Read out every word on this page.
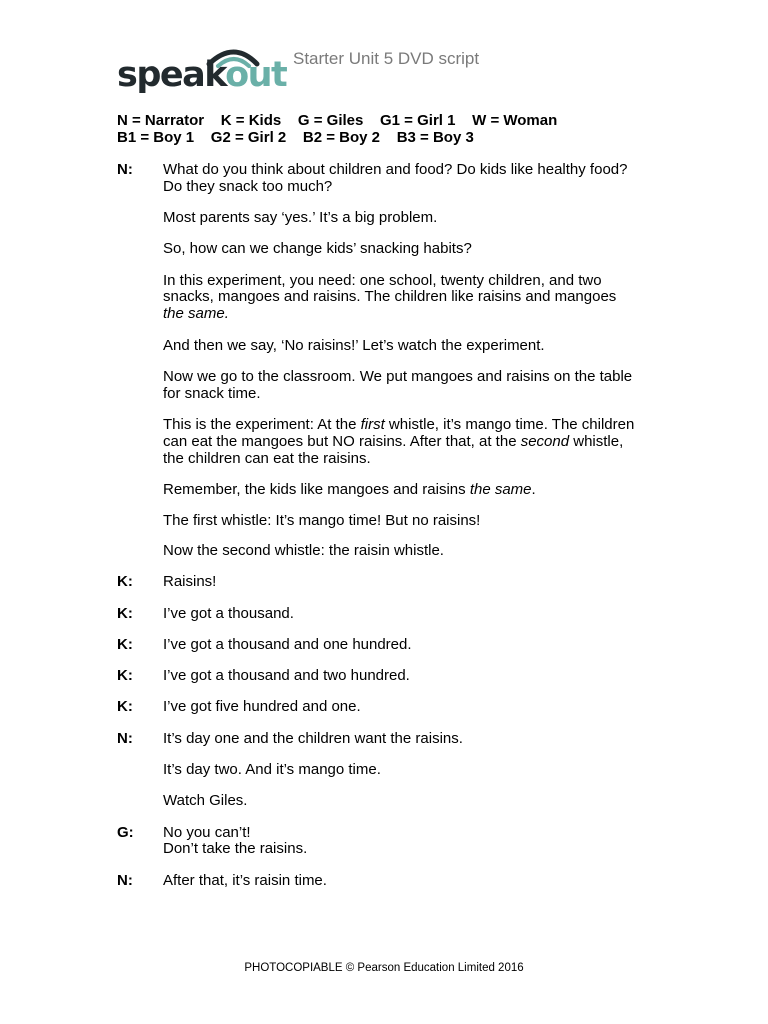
speakout Starter Unit 5 DVD script
N = Narrator    K = Kids    G = Giles    G1 = Girl 1    W = Woman
B1 = Boy 1    G2 = Girl 2    B2 = Boy 2    B3 = Boy 3
N: What do you think about children and food? Do kids like healthy food?
Do they snack too much?
Most parents say ‘yes.’ It’s a big problem.
So, how can we change kids’ snacking habits?
In this experiment, you need: one school, twenty children, and two
snacks, mangoes and raisins. The children like raisins and mangoes
the same.
And then we say, ‘No raisins!’ Let’s watch the experiment.
Now we go to the classroom. We put mangoes and raisins on the table
for snack time.
This is the experiment: At the first whistle, it’s mango time. The children
can eat the mangoes but NO raisins. After that, at the second whistle,
the children can eat the raisins.
Remember, the kids like mangoes and raisins the same.
The first whistle: It’s mango time! But no raisins!
Now the second whistle: the raisin whistle.
K: Raisins!
K: I’ve got a thousand.
K: I’ve got a thousand and one hundred.
K: I’ve got a thousand and two hundred.
K: I’ve got five hundred and one.
N: It’s day one and the children want the raisins.
It’s day two. And it’s mango time.
Watch Giles.
G: No you can’t!
Don’t take the raisins.
N: After that, it’s raisin time.
PHOTOCOPIABLE © Pearson Education Limited 2016
